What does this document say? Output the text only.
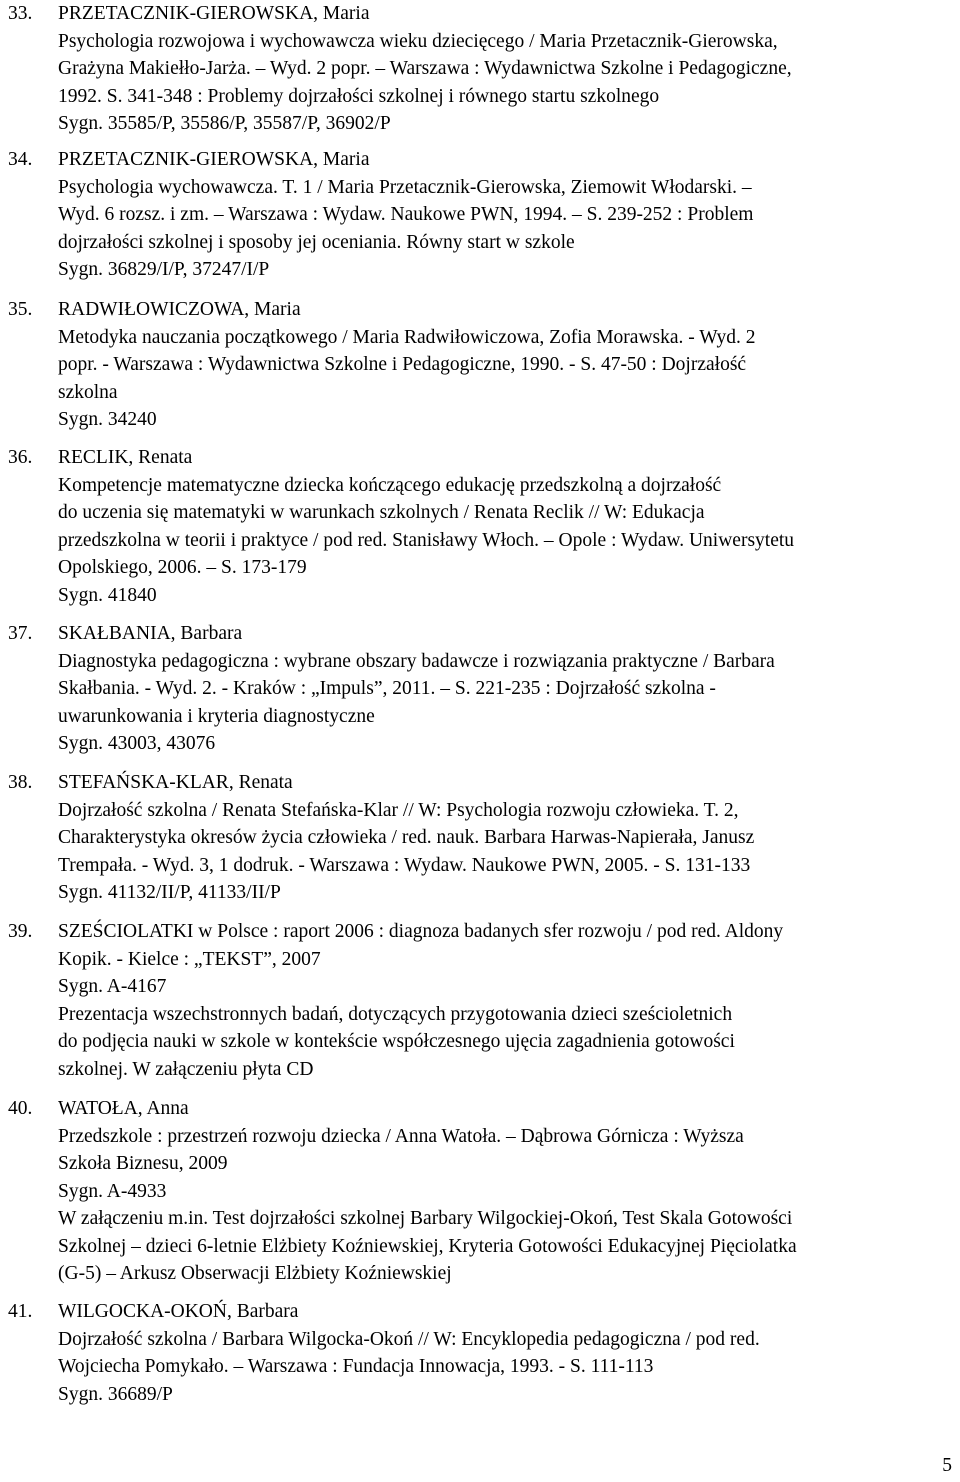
33. PRZETACZNIK-GIEROWSKA, Maria
Psychologia rozwojowa i wychowawcza wieku dziecięcego / Maria Przetacznik-Gierowska,
Grażyna Makiełło-Jarża. – Wyd. 2 popr. – Warszawa : Wydawnictwa Szkolne i Pedagogiczne,
1992. S. 341-348 : Problemy dojrzałości szkolnej i równego startu szkolnego
Sygn. 35585/P, 35586/P, 35587/P, 36902/P
34. PRZETACZNIK-GIEROWSKA, Maria
Psychologia wychowawcza. T. 1 / Maria Przetacznik-Gierowska, Ziemowit Włodarski. –
Wyd. 6 rozsz. i zm. – Warszawa : Wydaw. Naukowe PWN, 1994. – S. 239-252 : Problem
dojrzałości szkolnej i sposoby jej oceniania. Równy start w szkole
Sygn. 36829/I/P, 37247/I/P
35. RADWIŁOWICZOWA, Maria
Metodyka nauczania początkowego / Maria Radwiłowiczowa, Zofia Morawska. - Wyd. 2
popr. - Warszawa : Wydawnictwa Szkolne i Pedagogiczne, 1990. - S. 47-50 : Dojrzałość
szkolna
Sygn. 34240
36. RECLIK, Renata
Kompetencje matematyczne dziecka kończącego edukację przedszkolną a dojrzałość
do uczenia się matematyki w warunkach szkolnych / Renata Reclik // W: Edukacja
przedszkolna w teorii i praktyce / pod red. Stanisławy Włoch. – Opole : Wydaw. Uniwersytetu
Opolskiego, 2006. – S. 173-179
Sygn. 41840
37. SKAŁBANIA, Barbara
Diagnostyka pedagogiczna : wybrane obszary badawcze i rozwiązania praktyczne / Barbara
Skałbania. - Wyd. 2. - Kraków : „Impuls”, 2011. – S. 221-235 : Dojrzałość szkolna -
uwarunkowania i kryteria diagnostyczne
Sygn. 43003, 43076
38. STEFAŃSKA-KLAR, Renata
Dojrzałość szkolna / Renata Stefańska-Klar // W: Psychologia rozwoju człowieka. T. 2,
Charakterystyka okresów życia człowieka / red. nauk. Barbara Harwas-Napierała, Janusz
Trempała. - Wyd. 3, 1 dodruk. - Warszawa : Wydaw. Naukowe PWN, 2005. - S. 131-133
Sygn. 41132/II/P, 41133/II/P
39. SZEŚCIOLATKI w Polsce : raport 2006 : diagnoza badanych sfer rozwoju / pod red. Aldony
Kopik. - Kielce : „TEKST”, 2007
Sygn. A-4167
Prezentacja wszechstronnych badań, dotyczących przygotowania dzieci sześcioletnich
do podjęcia nauki w szkole w kontekście współczesnego ujęcia zagadnienia gotowości
szkolnej. W załączeniu płyta CD
40. WATOŁA, Anna
Przedszkole : przestrzeń rozwoju dziecka / Anna Watoła. – Dąbrowa Górnicza : Wyższa
Szkoła Biznesu, 2009
Sygn. A-4933
W załączeniu m.in. Test dojrzałości szkolnej Barbary Wilgockiej-Okoń, Test Skala Gotowości
Szkolnej – dzieci 6-letnie Elżbiety Koźniewskiej, Kryteria Gotowości Edukacyjnej Pięciolatka
(G-5) – Arkusz Obserwacji Elżbiety Koźniewskiej
41. WILGOCKA-OKOŃ, Barbara
Dojrzałość szkolna / Barbara Wilgocka-Okoń // W: Encyklopedia pedagogiczna / pod red.
Wojciecha Pomykało. – Warszawa : Fundacja Innowacja, 1993. - S. 111-113
Sygn. 36689/P
5
